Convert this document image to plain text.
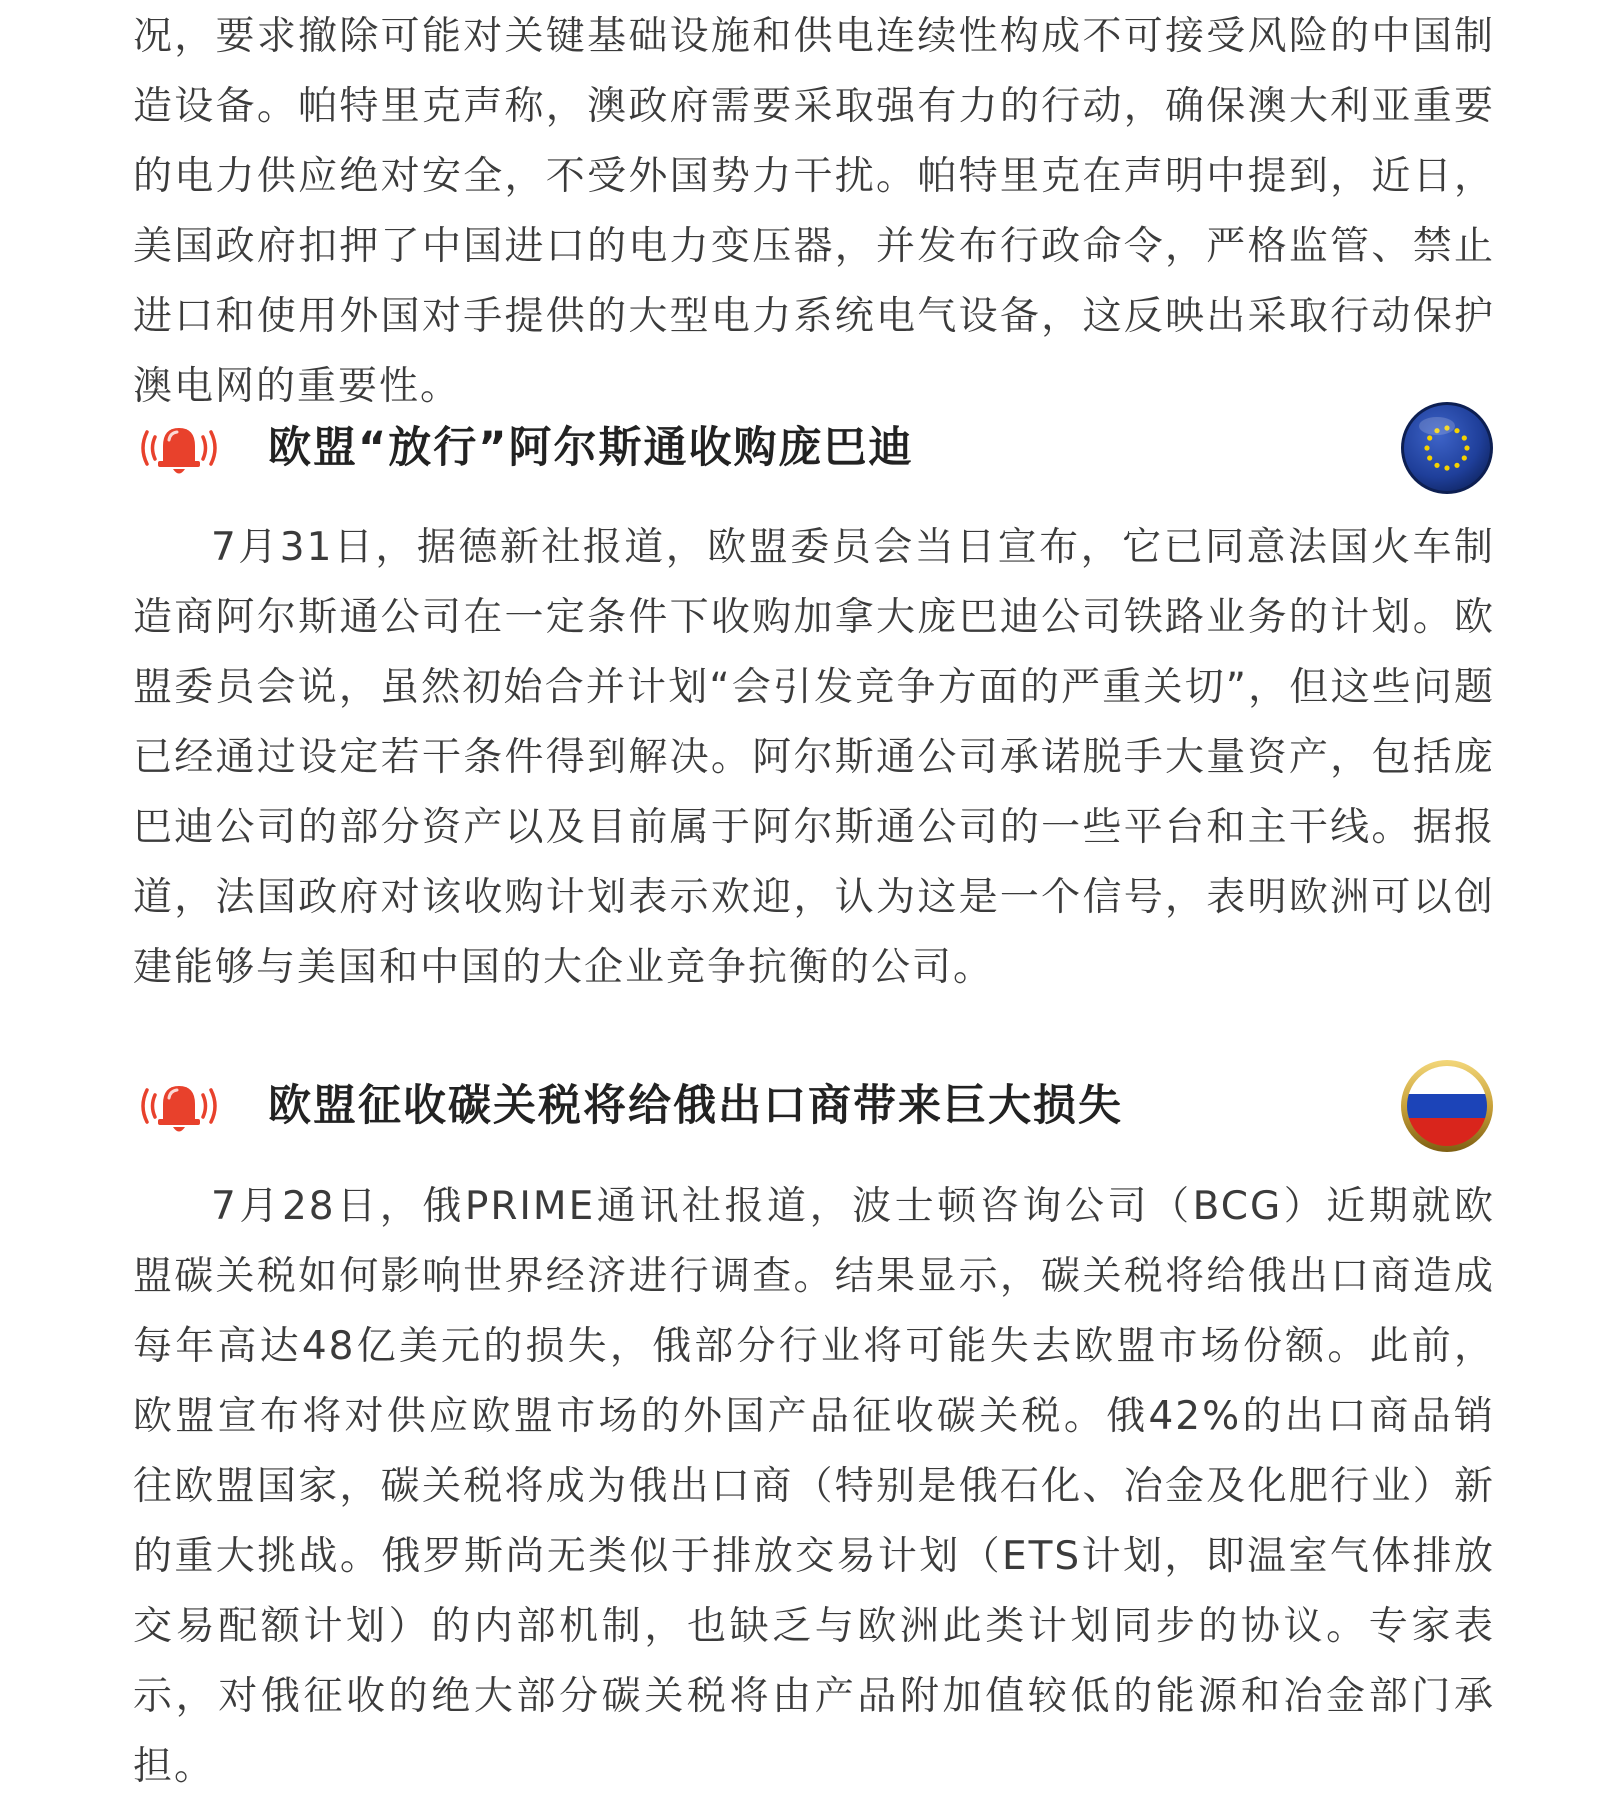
况，要求撤除可能对关键基础设施和供电连续性构成不可接受风险的中国制造设备。帕特里克声称，澳政府需要采取强有力的行动，确保澳大利亚重要的电力供应绝对安全，不受外国势力干扰。帕特里克在声明中提到，近日，美国政府扣押了中国进口的电力变压器，并发布行政命令，严格监管、禁止进口和使用外国对手提供的大型电力系统电气设备，这反映出采取行动保护澳电网的重要性。

欧盟“放行”阿尔斯通收购庞巴迪

7月31日，据德新社报道，欧盟委员会当日宣布，它已同意法国火车制造商阿尔斯通公司在一定条件下收购加拿大庞巴迪公司铁路业务的计划。欧盟委员会说，虽然初始合并计划“会引发竞争方面的严重关切”，但这些问题已经通过设定若干条件得到解决。阿尔斯通公司承诺脱手大量资产，包括庞巴迪公司的部分资产以及目前属于阿尔斯通公司的一些平台和主干线。据报道，法国政府对该收购计划表示欢迎，认为这是一个信号，表明欧洲可以创建能够与美国和中国的大企业竞争抗衡的公司。

欧盟征收碳关税将给俄出口商带来巨大损失

7月28日，俄PRIME通讯社报道，波士顿咨询公司（BCG）近期就欧盟碳关税如何影响世界经济进行调查。结果显示，碳关税将给俄出口商造成每年高达48亿美元的损失，俄部分行业将可能失去欧盟市场份额。此前，欧盟宣布将对供应欧盟市场的外国产品征收碳关税。俄42%的出口商品销往欧盟国家，碳关税将成为俄出口商（特别是俄石化、冶金及化肥行业）新的重大挑战。俄罗斯尚无类似于排放交易计划（ETS计划，即温室气体排放交易配额计划）的内部机制，也缺乏与欧洲此类计划同步的协议。专家表示，对俄征收的绝大部分碳关税将由产品附加值较低的能源和冶金部门承担。
